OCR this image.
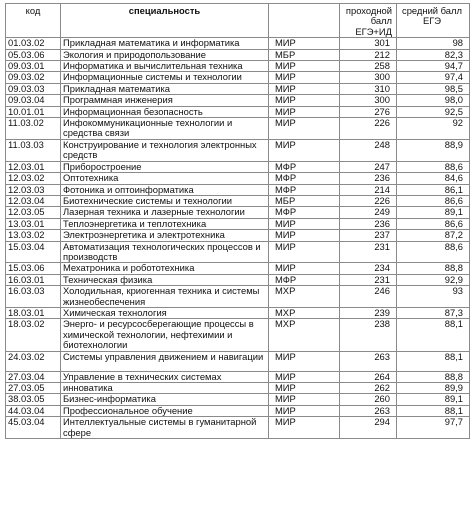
код	специальность		проходной балл ЕГЭ+ИД	средний балл ЕГЭ
01.03.02	Прикладная математика и информатика	МИР	301	98
05.03.06	Экология и природопользование	МБР	212	82,3
09.03.01	Информатика и вычислительная техника	МИР	258	94,7
09.03.02	Информационные системы и технологии	МИР	300	97,4
09.03.03	Прикладная математика	МИР	310	98,5
09.03.04	Программная инженерия	МИР	300	98,0
10.01.01	Информационная безопасность	МИР	276	92,5
11.03.02	Инфокоммуникационные технологии и средства связи	МИР	226	92
11.03.03	Конструирование и технология электронных средств	МИР	248	88,9
12.03.01	Приборостроение	МФР	247	88,6
12.03.02	Оптотехника	МФР	236	84,6
12.03.03	Фотоника и оптоинформатика	МФР	214	86,1
12.03.04	Биотехнические системы и технологии	МБР	226	86,6
12.03.05	Лазерная техника и лазерные технологии	МФР	249	89,1
13.03.01	Теплоэнергетика и теплотехника	МИР	236	86,6
13.03.02	Электроэнергетика и электротехника	МИР	237	87,2
15.03.04	Автоматизация технологических процессов и производств	МИР	231	88,6
15.03.06	Мехатроника и робототехника	МИР	234	88,8
16.03.01	Техническая физика	МФР	231	92,9
16.03.03	Холодильная, криогенная техника и системы жизнеобеспечения	МХР	246	93
18.03.01	Химическая технология	МХР	239	87,3
18.03.02	Энерго- и ресурсосберегающие процессы в химической технологии, нефтехимии и биотехнологии	МХР	238	88,1
24.03.02	Системы управления движением и навигации	МИР	263	88,1
27.03.04	Управление в технических системах	МИР	264	88,8
27.03.05	инноватика	МИР	262	89,9
38.03.05	Бизнес-информатика	МИР	260	89,1
44.03.04	Профессиональное обучение	МИР	263	88,1
45.03.04	Интеллектуальные системы в гуманитарной сфере	МИР	294	97,7
